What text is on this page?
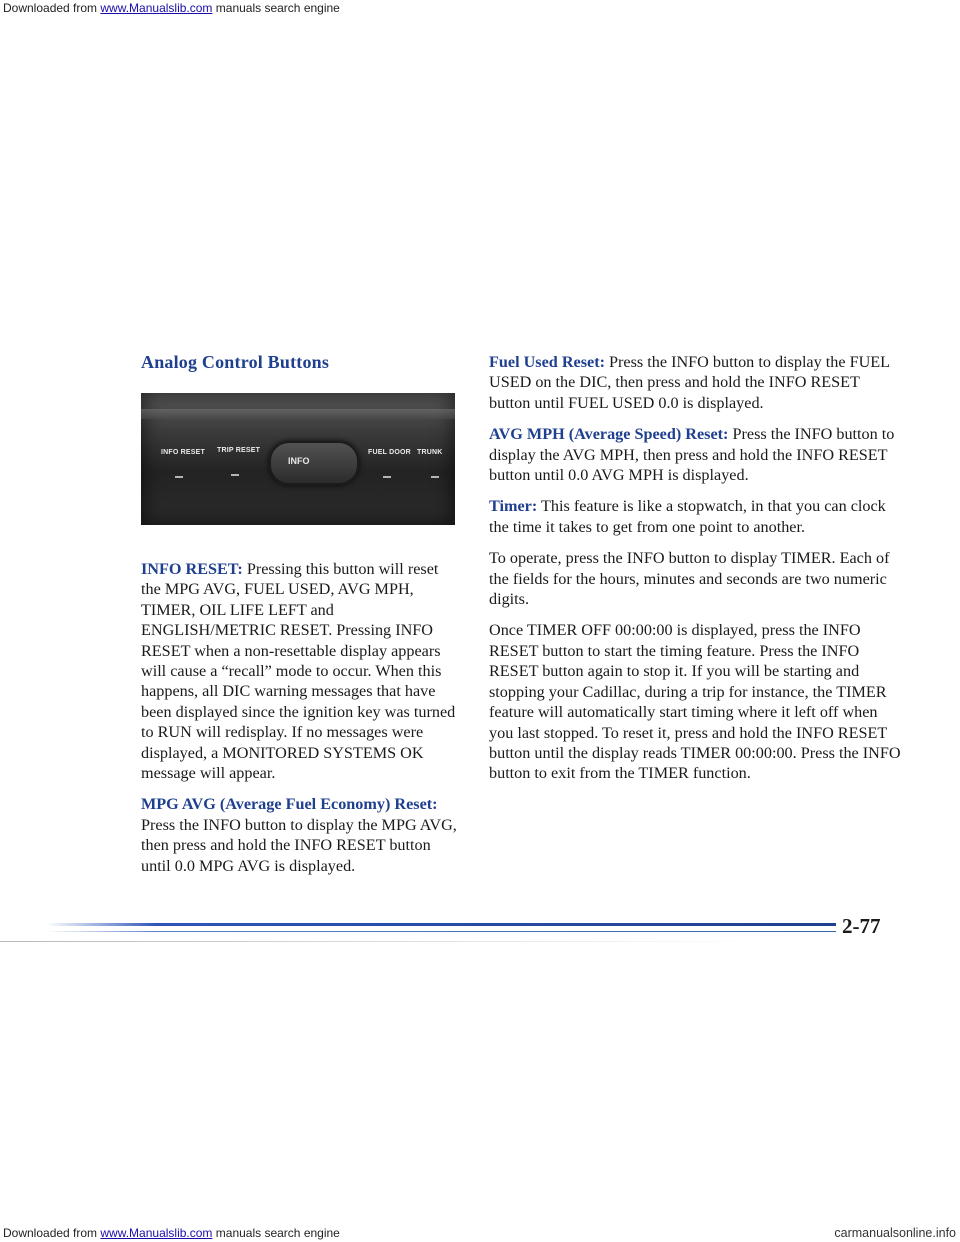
Downloaded from www.Manualslib.com manuals search engine
Analog Control Buttons
INFO RESET TRIP RESET
INFO
FUEL DOOR TRUNK

INFO RESET: Pressing this button will reset the MPG AVG, FUEL USED, AVG MPH, TIMER, OIL LIFE LEFT and ENGLISH/METRIC RESET. Pressing INFO RESET when a non-resettable display appears will cause a “recall” mode to occur. When this happens, all DIC warning messages that have been displayed since the ignition key was turned to RUN will redisplay. If no messages were displayed, a MONITORED SYSTEMS OK message will appear.

MPG AVG (Average Fuel Economy) Reset: Press the INFO button to display the MPG AVG, then press and hold the INFO RESET button until 0.0 MPG AVG is displayed.

Fuel Used Reset: Press the INFO button to display the FUEL USED on the DIC, then press and hold the INFO RESET button until FUEL USED 0.0 is displayed.

AVG MPH (Average Speed) Reset: Press the INFO button to display the AVG MPH, then press and hold the INFO RESET button until 0.0 AVG MPH is displayed.

Timer: This feature is like a stopwatch, in that you can clock the time it takes to get from one point to another.

To operate, press the INFO button to display TIMER. Each of the fields for the hours, minutes and seconds are two numeric digits.

Once TIMER OFF 00:00:00 is displayed, press the INFO RESET button to start the timing feature. Press the INFO RESET button again to stop it. If you will be starting and stopping your Cadillac, during a trip for instance, the TIMER feature will automatically start timing where it left off when you last stopped. To reset it, press and hold the INFO RESET button until the display reads TIMER 00:00:00. Press the INFO button to exit from the TIMER function.

2-77
Downloaded from www.Manualslib.com manuals search engine	carmanualsonline.info
